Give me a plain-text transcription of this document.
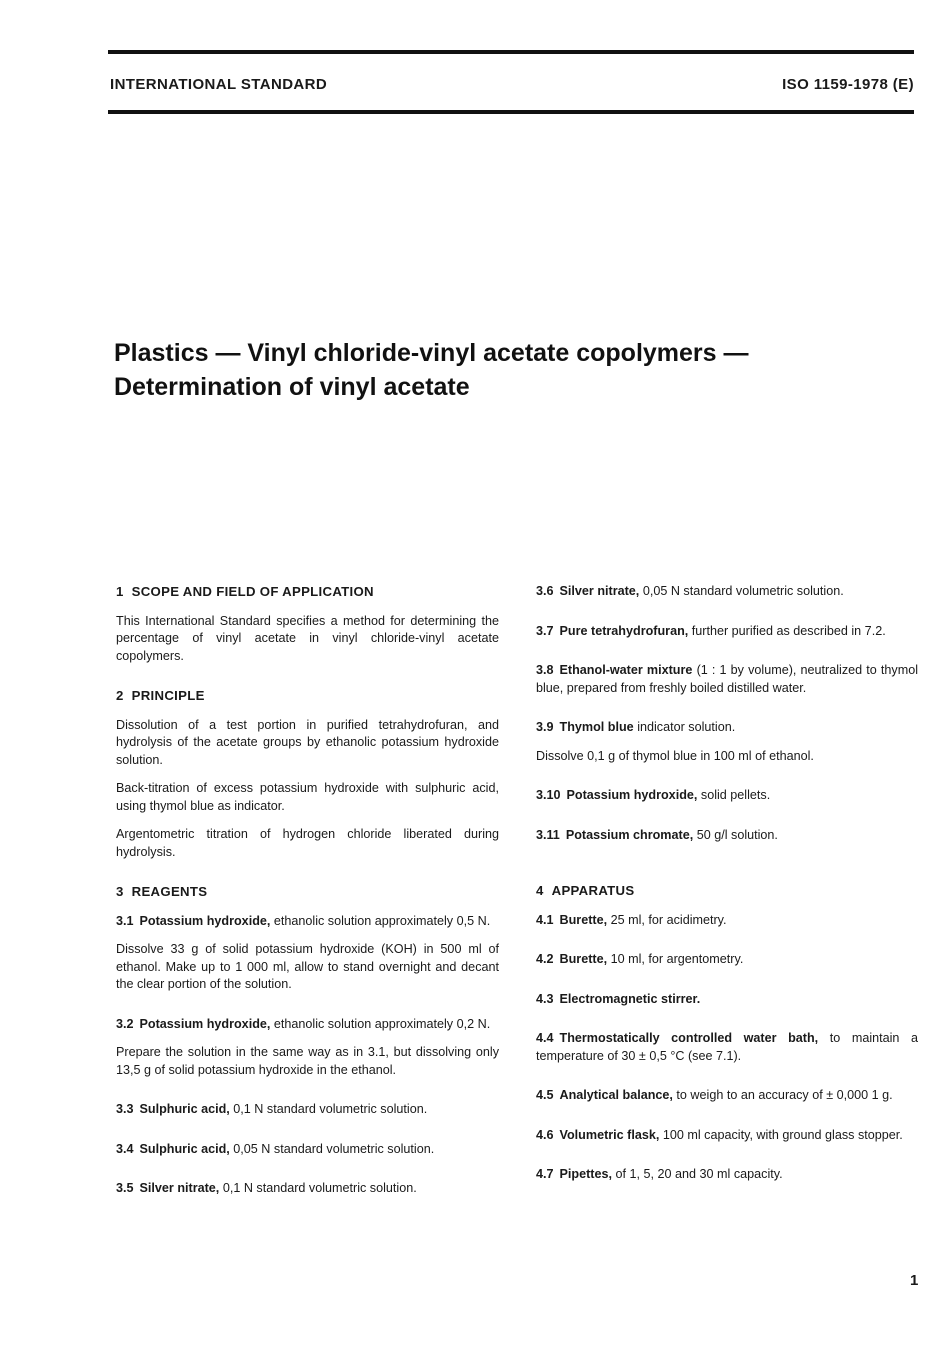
INTERNATIONAL STANDARD	ISO 1159-1978 (E)
Plastics — Vinyl chloride-vinyl acetate copolymers —
Determination of vinyl acetate
1 SCOPE AND FIELD OF APPLICATION

This International Standard specifies a method for determining the percentage of vinyl acetate in vinyl chloride-vinyl acetate copolymers.

2 PRINCIPLE

Dissolution of a test portion in purified tetrahydrofuran, and hydrolysis of the acetate groups by ethanolic potassium hydroxide solution.

Back-titration of excess potassium hydroxide with sulphuric acid, using thymol blue as indicator.

Argentometric titration of hydrogen chloride liberated during hydrolysis.

3 REAGENTS

3.1 Potassium hydroxide, ethanolic solution approximately 0,5 N.

Dissolve 33 g of solid potassium hydroxide (KOH) in 500 ml of ethanol. Make up to 1 000 ml, allow to stand overnight and decant the clear portion of the solution.

3.2 Potassium hydroxide, ethanolic solution approximately 0,2 N.

Prepare the solution in the same way as in 3.1, but dissolving only 13,5 g of solid potassium hydroxide in the ethanol.

3.3 Sulphuric acid, 0,1 N standard volumetric solution.

3.4 Sulphuric acid, 0,05 N standard volumetric solution.

3.5 Silver nitrate, 0,1 N standard volumetric solution.

3.6 Silver nitrate, 0,05 N standard volumetric solution.

3.7 Pure tetrahydrofuran, further purified as described in 7.2.

3.8 Ethanol-water mixture (1 : 1 by volume), neutralized to thymol blue, prepared from freshly boiled distilled water.

3.9 Thymol blue indicator solution.

Dissolve 0,1 g of thymol blue in 100 ml of ethanol.

3.10 Potassium hydroxide, solid pellets.

3.11 Potassium chromate, 50 g/l solution.

4 APPARATUS

4.1 Burette, 25 ml, for acidimetry.

4.2 Burette, 10 ml, for argentometry.

4.3 Electromagnetic stirrer.

4.4 Thermostatically controlled water bath, to maintain a temperature of 30 ± 0,5 °C (see 7.1).

4.5 Analytical balance, to weigh to an accuracy of ± 0,000 1 g.

4.6 Volumetric flask, 100 ml capacity, with ground glass stopper.

4.7 Pipettes, of 1, 5, 20 and 30 ml capacity.

1
